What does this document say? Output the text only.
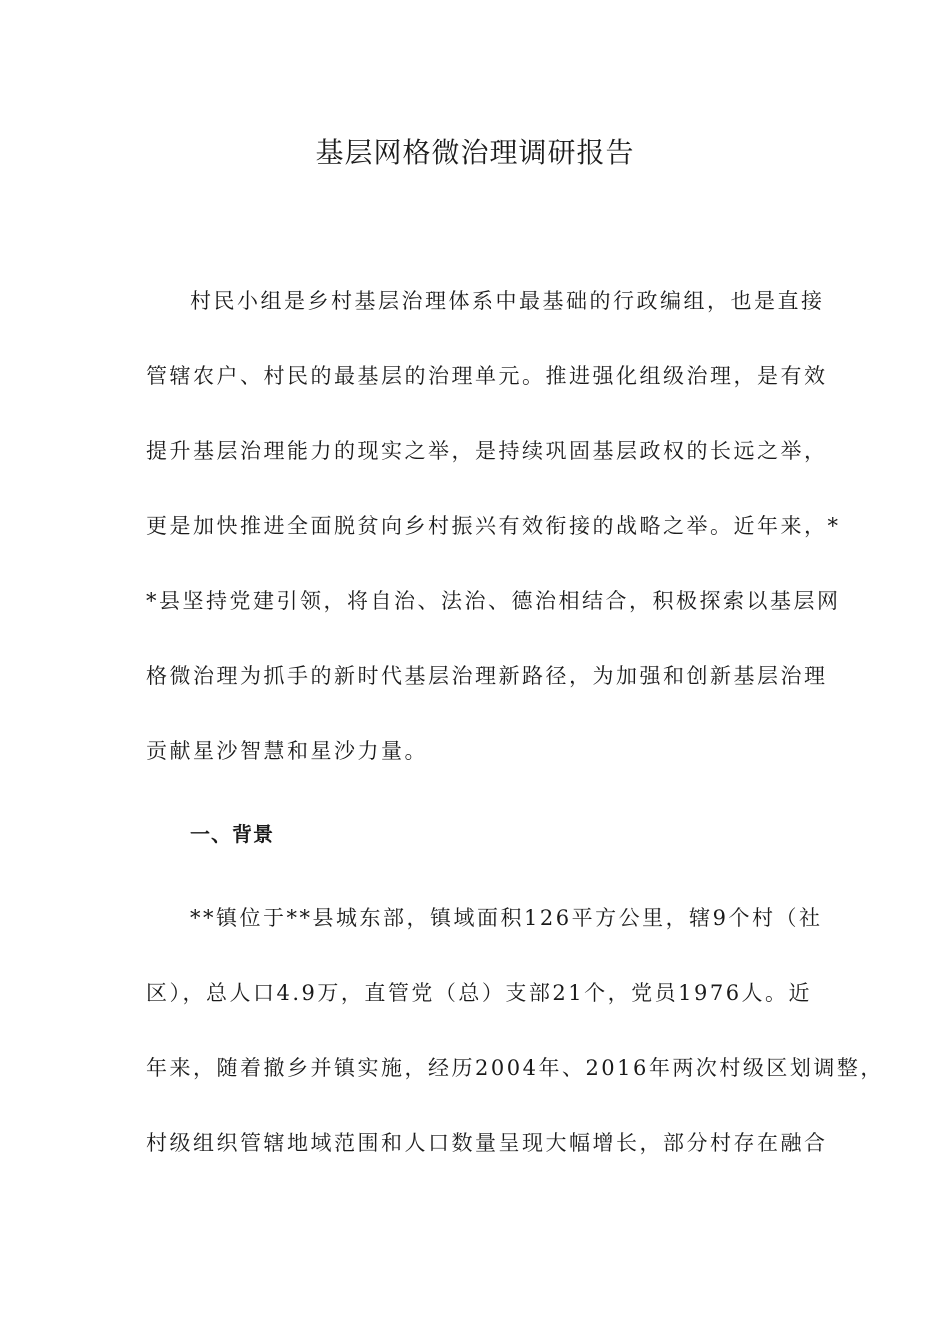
基层网格微治理调研报告

村民小组是乡村基层治理体系中最基础的行政编组，也是直接

管辖农户、村民的最基层的治理单元。推进强化组级治理，是有效

提升基层治理能力的现实之举，是持续巩固基层政权的长远之举，

更是加快推进全面脱贫向乡村振兴有效衔接的战略之举。近年来，*

*县坚持党建引领，将自治、法治、德治相结合，积极探索以基层网

格微治理为抓手的新时代基层治理新路径，为加强和创新基层治理

贡献星沙智慧和星沙力量。

一、背景

**镇位于**县城东部，镇域面积126平方公里，辖9个村（社

区），总人口4.9万，直管党（总）支部21个，党员1976人。近

年来，随着撤乡并镇实施，经历2004年、2016年两次村级区划调整，

村级组织管辖地域范围和人口数量呈现大幅增长，部分村存在融合
